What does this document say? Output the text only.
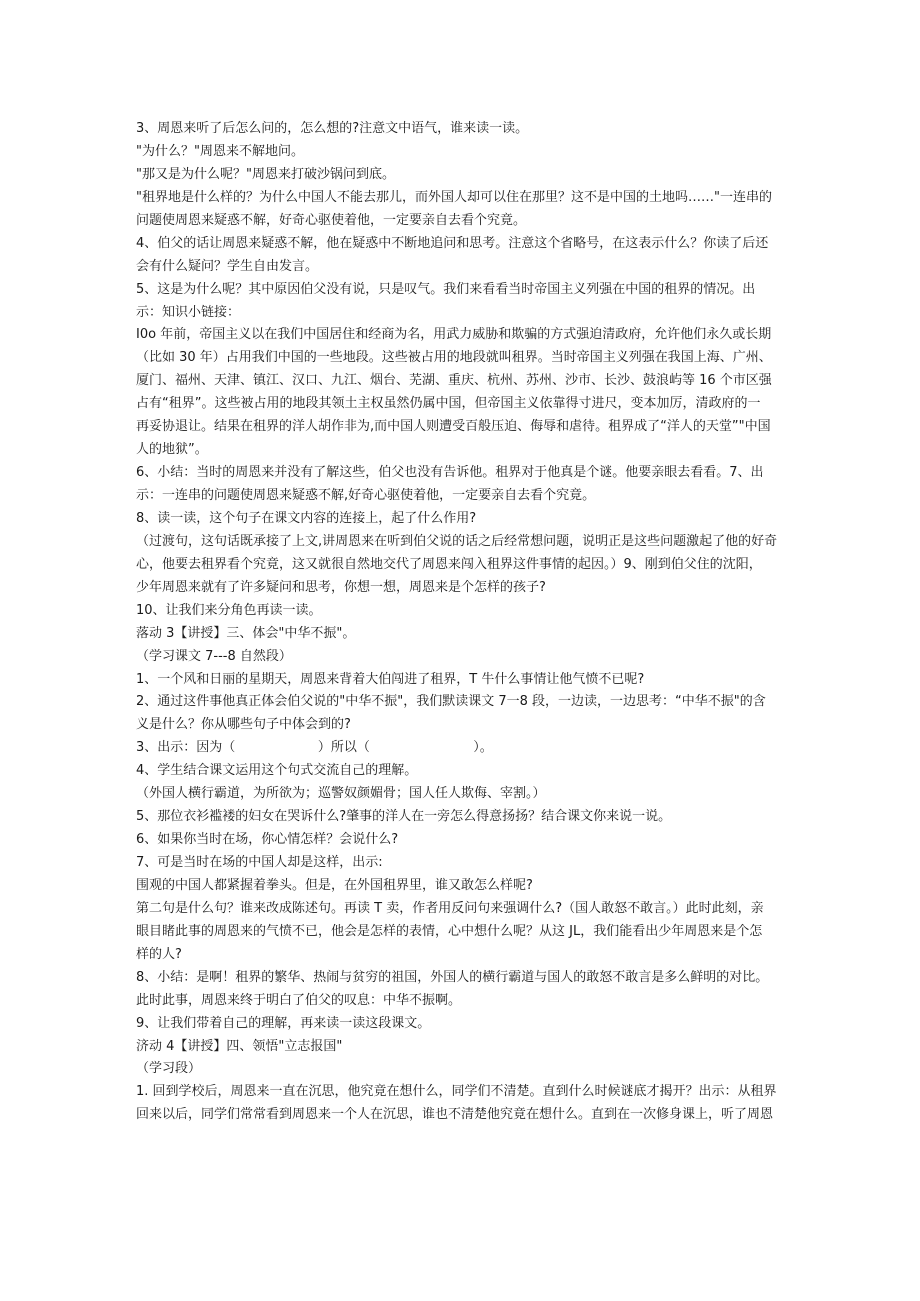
3、周恩来听了后怎么问的，怎么想的?注意文中语气，谁来读一读。
"为什么？"周恩来不解地问。
"那又是为什么呢？"周恩来打破沙锅问到底。
"租界地是什么样的？为什么中国人不能去那儿，而外国人却可以住在那里？这不是中国的土地吗……"一连串的
问题使周恩来疑惑不解，好奇心驱使着他，一定要亲自去看个究竟。
4、伯父的话让周恩来疑惑不解，他在疑惑中不断地追问和思考。注意这个省略号，在这表示什么？你读了后还
会有什么疑问？学生自由发言。
5、这是为什么呢？其中原因伯父没有说，只是叹气。我们来看看当时帝国主义列强在中国的租界的情况。出
示：知识小链接：
I0o 年前，帝国主义以在我们中国居住和经商为名，用武力威胁和欺骗的方式强迫清政府，允许他们永久或长期
（比如 30 年）占用我们中国的一些地段。这些被占用的地段就叫租界。当时帝国主义列强在我国上海、广州、
厦门、福州、天津、镇江、汉口、九江、烟台、芜湖、重庆、杭州、苏州、沙市、长沙、鼓浪屿等 16 个市区强
占有“租界”。这些被占用的地段其领土主权虽然仍属中国，但帝国主义依靠得寸进尺，变本加厉，清政府的一
再妥协退让。结果在租界的洋人胡作非为,而中国人则遭受百般压迫、侮辱和虐待。租界成了“洋人的天堂”"中国
人的地狱”。
6、小结：当时的周恩来并没有了解这些，伯父也没有告诉他。租界对于他真是个谜。他要亲眼去看看。7、出
示：一连串的问题使周恩来疑惑不解,好奇心驱使着他，一定要亲自去看个究竟。
8、读一读，这个句子在课文内容的连接上，起了什么作用?
（过渡句，这句话既承接了上文,讲周恩来在听到伯父说的话之后经常想问题，说明正是这些问题激起了他的好奇
心，他要去租界看个究竟，这又就很自然地交代了周恩来闯入租界这件事情的起因。）9、刚到伯父住的沈阳，
少年周恩来就有了许多疑问和思考，你想一想，周恩来是个怎样的孩子?
10、让我们来分角色再读一读。
落动 3【讲授】三、体会"中华不振"。
（学习课文 7---8 自然段）
1、一个风和日丽的星期天，周恩来背着大伯闯进了租界，T 牛什么事情让他气愤不已呢?
2、通过这件事他真正体会伯父说的"中华不振"，我们默读课文 7一8 段，一边读，一边思考：“中华不振"的含
义是什么？你从哪些句子中体会到的?
3、出示：因为（                    ）所以（                         ）。
4、学生结合课文运用这个句式交流自己的理解。
（外国人横行霸道，为所欲为；巡警奴颜媚骨；国人任人欺侮、宰割。）
5、那位衣衫褴褛的妇女在哭诉什么?肇事的洋人在一旁怎么得意扬扬？结合课文你来说一说。
6、如果你当时在场，你心情怎样？会说什么?
7、可是当时在场的中国人却是这样，出示:
围观的中国人都紧握着拳头。但是，在外国租界里，谁又敢怎么样呢?
第二句是什么句？谁来改成陈述句。再读 T 卖，作者用反问句来强调什么?（国人敢怒不敢言。）此时此刻，亲
眼目睹此事的周恩来的气愤不已，他会是怎样的表情，心中想什么呢？从这 JL，我们能看出少年周恩来是个怎
样的人?
8、小结：是啊！租界的繁华、热闹与贫穷的祖国，外国人的横行霸道与国人的敢怒不敢言是多么鲜明的对比。
此时此事，周恩来终于明白了伯父的叹息：中华不振啊。
9、让我们带着自己的理解，再来读一读这段课文。
济动 4【讲授】四、领悟"立志报国"
（学习段）
1. 回到学校后，周恩来一直在沉思，他究竟在想什么，同学们不清楚。直到什么时候谜底才揭开？出示：从租界
回来以后，同学们常常看到周恩来一个人在沉思，谁也不清楚他究竟在想什么。直到在一次修身课上，听了周恩
